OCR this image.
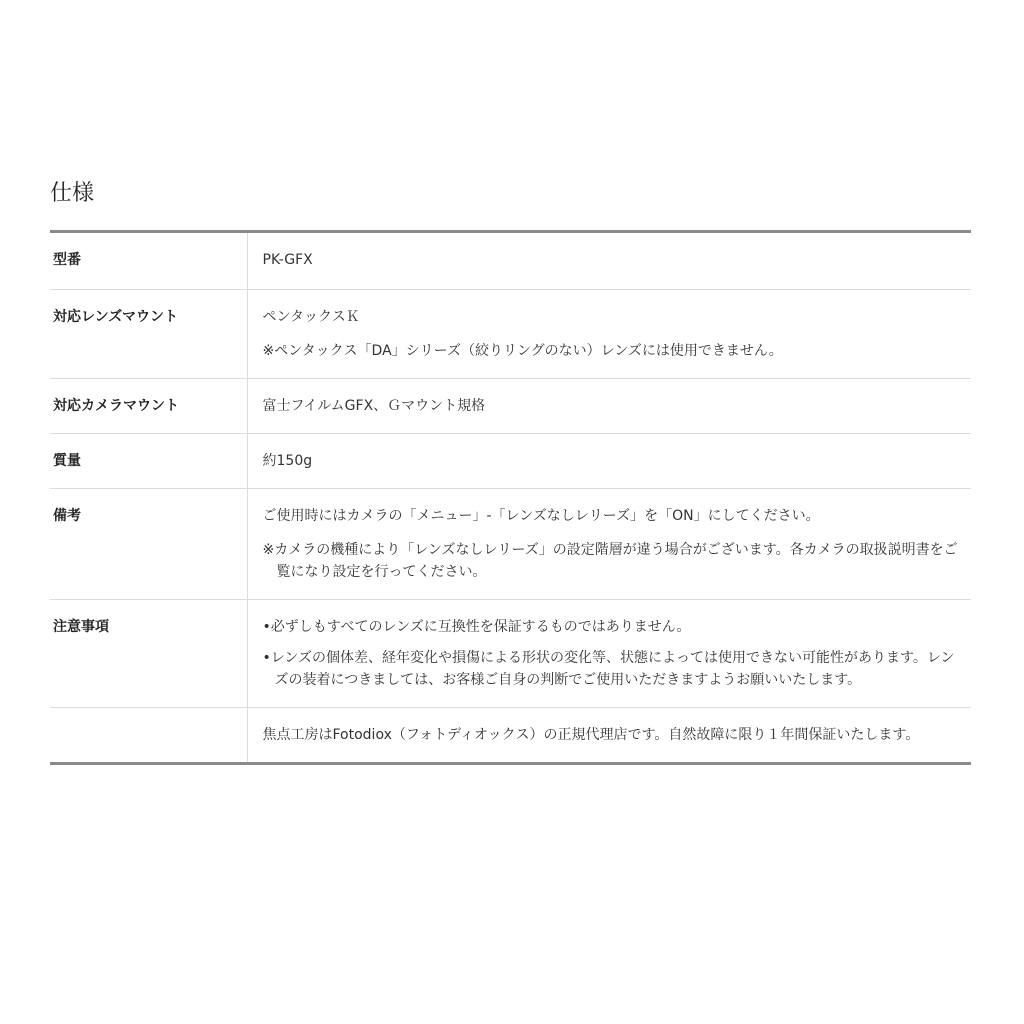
仕様
型番	PK-GFX

対応レンズマウント	ペンタックスＫ

※ペンタックス「DA」シリーズ（絞りリングのない）レンズには使用できません。

対応カメラマウント	富士フイルムGFX、Ｇマウント規格

質量	約150g

備考	ご使用時にはカメラの「メニュー」-「レンズなしレリーズ」を「ON」にしてください。

※カメラの機種により「レンズなしレリーズ」の設定階層が違う場合がございます。各カメラの取扱説明書をご覧になり設定を行ってください。

注意事項	•必ずしもすべてのレンズに互換性を保証するものではありません。

•レンズの個体差、経年変化や損傷による形状の変化等、状態によっては使用できない可能性があります。レンズの装着につきましては、お客様ご自身の判断でご使用いただきますようお願いいたします。

	焦点工房はFotodiox（フォトディオックス）の正規代理店です。自然故障に限り１年間保証いたします。
